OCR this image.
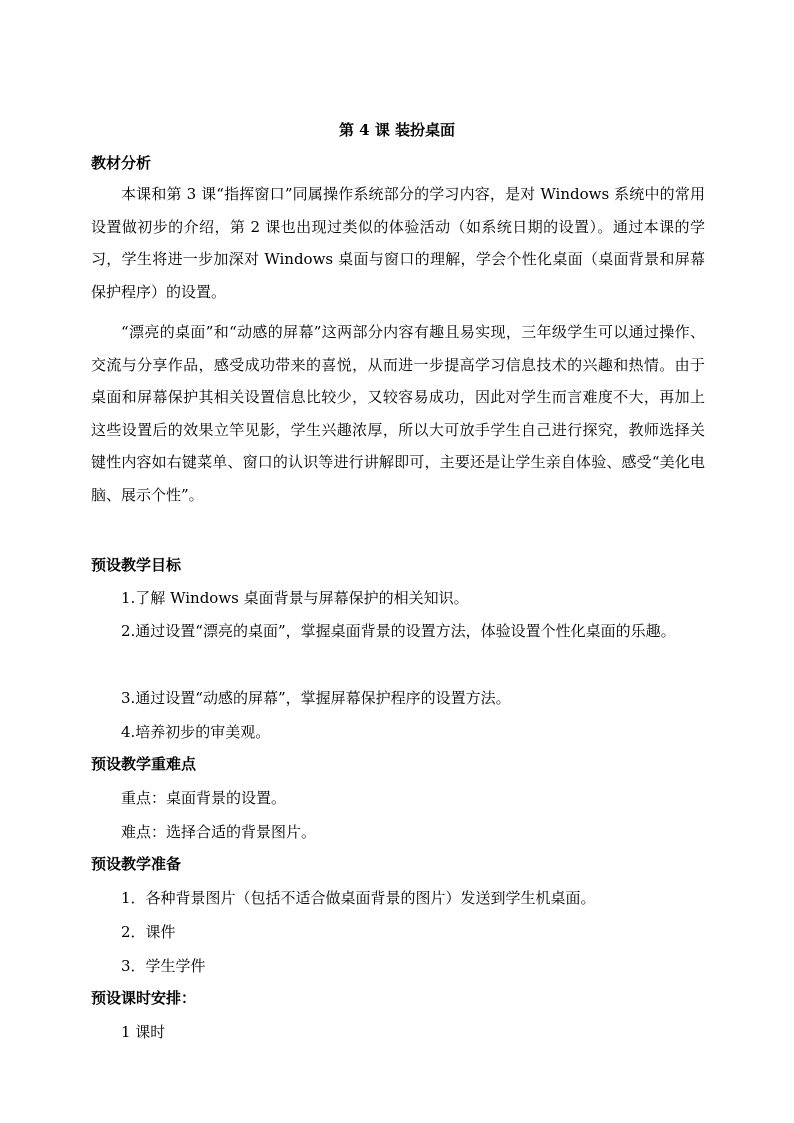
第 4 课 装扮桌面
教材分析
本课和第 3 课“指挥窗口”同属操作系统部分的学习内容，是对 Windows 系统中的常用设置做初步的介绍，第 2 课也出现过类似的体验活动（如系统日期的设置）。通过本课的学习，学生将进一步加深对 Windows 桌面与窗口的理解，学会个性化桌面（桌面背景和屏幕保护程序）的设置。
“漂亮的桌面”和“动感的屏幕”这两部分内容有趣且易实现，三年级学生可以通过操作、交流与分享作品，感受成功带来的喜悦，从而进一步提高学习信息技术的兴趣和热情。由于桌面和屏幕保护其相关设置信息比较少，又较容易成功，因此对学生而言难度不大，再加上这些设置后的效果立竿见影，学生兴趣浓厚，所以大可放手学生自己进行探究，教师选择关键性内容如右键菜单、窗口的认识等进行讲解即可，主要还是让学生亲自体验、感受“美化电脑、展示个性”。
预设教学目标
1.了解 Windows 桌面背景与屏幕保护的相关知识。
2.通过设置“漂亮的桌面”，掌握桌面背景的设置方法，体验设置个性化桌面的乐趣。
3.通过设置“动感的屏幕”，掌握屏幕保护程序的设置方法。
4.培养初步的审美观。
预设教学重难点
重点：桌面背景的设置。
难点：选择合适的背景图片。
预设教学准备
1．各种背景图片（包括不适合做桌面背景的图片）发送到学生机桌面。
2．课件
3．学生学件
预设课时安排：
1 课时
